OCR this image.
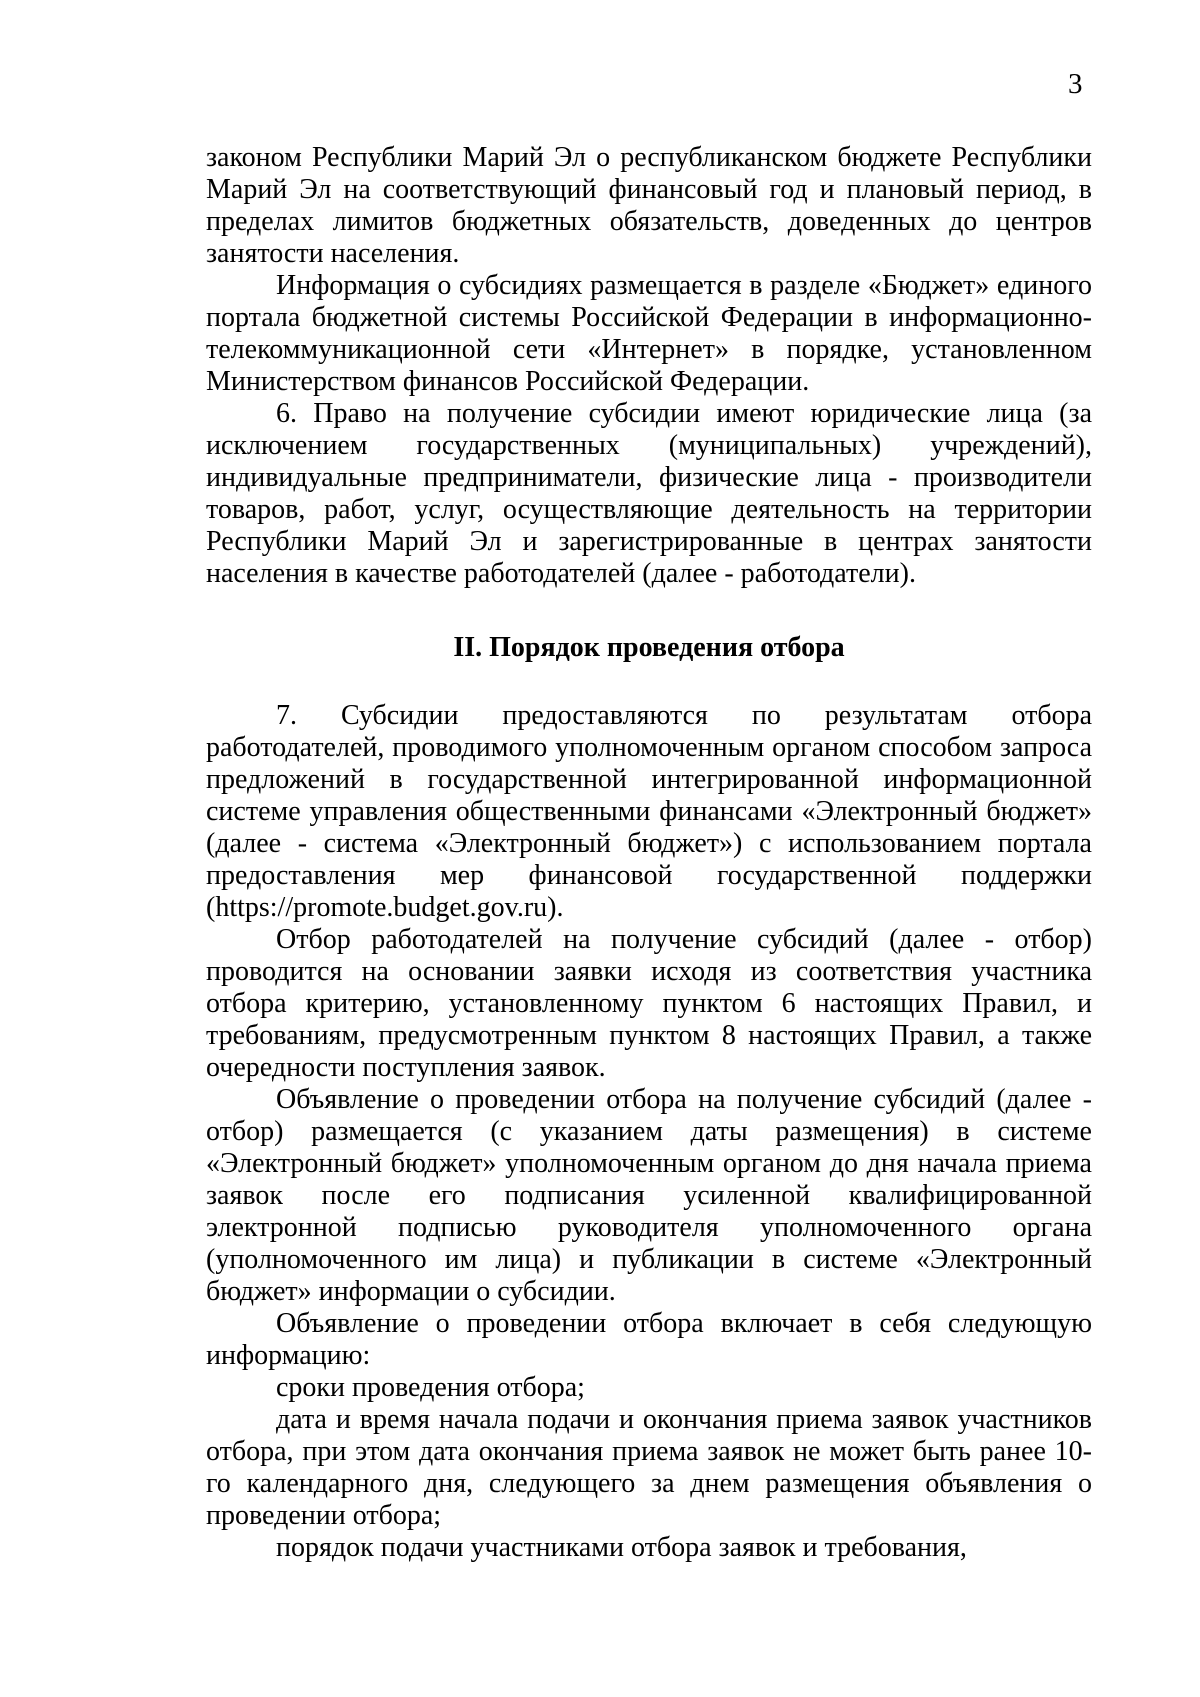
3

законом Республики Марий Эл о республиканском бюджете Республики Марий Эл на соответствующий финансовый год и плановый период, в пределах лимитов бюджетных обязательств, доведенных до центров занятости населения.

Информация о субсидиях размещается в разделе «Бюджет» единого портала бюджетной системы Российской Федерации в информационно-телекоммуникационной сети «Интернет» в порядке, установленном Министерством финансов Российской Федерации.

6. Право на получение субсидии имеют юридические лица (за исключением государственных (муниципальных) учреждений), индивидуальные предприниматели, физические лица - производители товаров, работ, услуг, осуществляющие деятельность на территории Республики Марий Эл и зарегистрированные в центрах занятости населения в качестве работодателей (далее - работодатели).

II. Порядок проведения отбора

7. Субсидии предоставляются по результатам отбора работодателей, проводимого уполномоченным органом способом запроса предложений в государственной интегрированной информационной системе управления общественными финансами «Электронный бюджет» (далее - система «Электронный бюджет») с использованием портала предоставления мер финансовой государственной поддержки (https://promote.budget.gov.ru).

Отбор работодателей на получение субсидий (далее - отбор) проводится на основании заявки исходя из соответствия участника отбора критерию, установленному пунктом 6 настоящих Правил, и требованиям, предусмотренным пунктом 8 настоящих Правил, а также очередности поступления заявок.

Объявление о проведении отбора на получение субсидий (далее - отбор) размещается (с указанием даты размещения) в системе «Электронный бюджет» уполномоченным органом до дня начала приема заявок после его подписания усиленной квалифицированной электронной подписью руководителя уполномоченного органа (уполномоченного им лица) и публикации в системе «Электронный бюджет» информации о субсидии.

Объявление о проведении отбора включает в себя следующую информацию:

сроки проведения отбора;

дата и время начала подачи и окончания приема заявок участников отбора, при этом дата окончания приема заявок не может быть ранее 10-го календарного дня, следующего за днем размещения объявления о проведении отбора;

порядок подачи участниками отбора заявок и требования,
